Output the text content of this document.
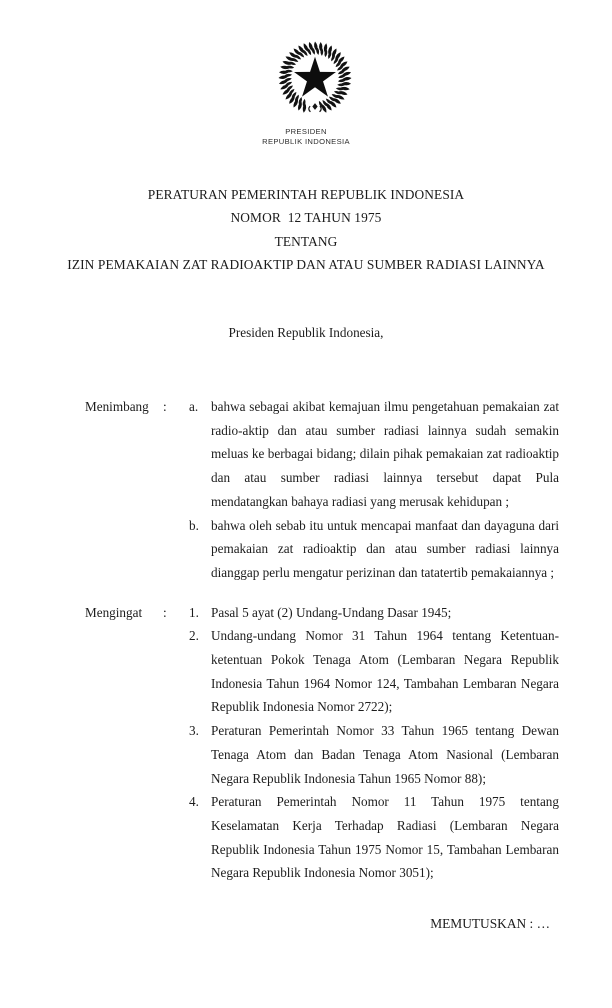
PRESIDEN
REPUBLIK INDONESIA
PERATURAN PEMERINTAH REPUBLIK INDONESIA
NOMOR  12 TAHUN 1975
TENTANG
IZIN PEMAKAIAN ZAT RADIOAKTIP DAN ATAU SUMBER RADIASI LAINNYA
Presiden Republik Indonesia,
Menimbang	:	a. bahwa sebagai akibat kemajuan ilmu pengetahuan pemakaian zat radio-aktip dan atau sumber radiasi lainnya sudah semakin meluas ke berbagai bidang; dilain pihak pemakaian zat radioaktip dan atau sumber radiasi lainnya tersebut dapat Pula mendatangkan bahaya radiasi yang merusak kehidupan ;
b. bahwa oleh sebab itu untuk mencapai manfaat dan dayaguna dari pemakaian zat radioaktip dan atau sumber radiasi lainnya dianggap perlu mengatur perizinan dan tatatertib pemakaiannya ;
Mengingat	:	1. Pasal 5 ayat (2) Undang-Undang Dasar 1945;
2. Undang-undang Nomor 31 Tahun 1964 tentang Ketentuan-ketentuan Pokok Tenaga Atom (Lembaran Negara Republik Indonesia Tahun 1964 Nomor 124, Tambahan Lembaran Negara Republik Indonesia Nomor 2722);
3. Peraturan Pemerintah Nomor 33 Tahun 1965 tentang Dewan Tenaga Atom dan Badan Tenaga Atom Nasional (Lembaran Negara Republik Indonesia Tahun 1965 Nomor 88);
4. Peraturan Pemerintah Nomor 11 Tahun 1975 tentang Keselamatan Kerja Terhadap Radiasi (Lembaran Negara Republik Indonesia Tahun 1975 Nomor 15, Tambahan Lembaran Negara Republik Indonesia Nomor 3051);
MEMUTUSKAN : …
